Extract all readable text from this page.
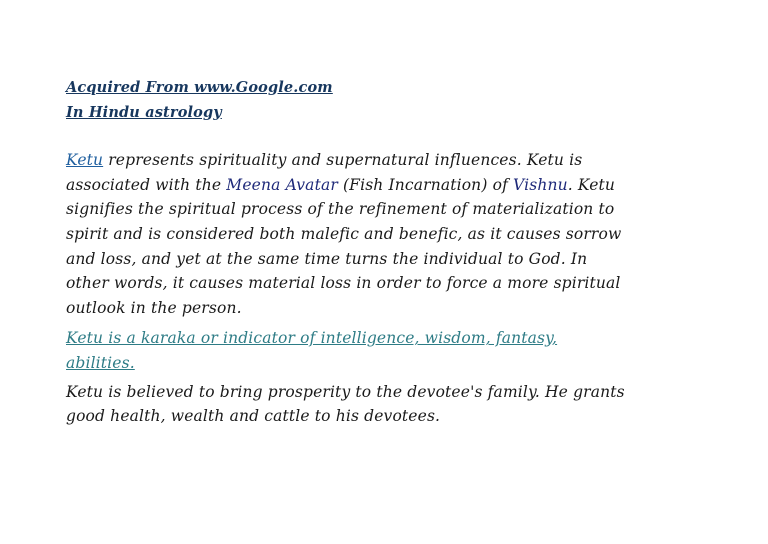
Acquired From www.Google.com
In Hindu astrology
Ketu represents spirituality and supernatural influences. Ketu is
associated with the Meena Avatar (Fish Incarnation) of Vishnu. Ketu
signifies the spiritual process of the refinement of materialization to
spirit and is considered both malefic and benefic, as it causes sorrow
and loss, and yet at the same time turns the individual to God. In
other words, it causes material loss in order to force a more spiritual
outlook in the person.
Ketu is a karaka or indicator of intelligence, wisdom, fantasy,
abilities.
Ketu is believed to bring prosperity to the devotee's family. He grants
good health, wealth and cattle to his devotees.
